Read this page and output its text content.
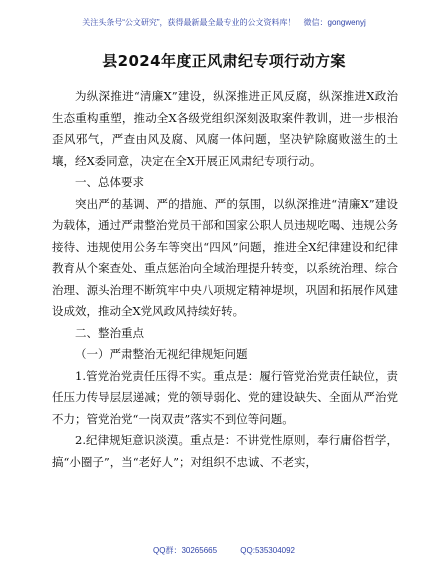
关注头条号“公文研究”，获得最新最全最专业的公文资料库！　微信：gongwenyj
县2024年度正风肃纪专项行动方案

为纵深推进“清廉X”建设，纵深推进正风反腐，纵深推进X政治生态重构重塑，推动全X各级党组织深刻汲取案件教训，进一步根治歪风邪气，严查由风及腐、风腐一体问题，坚决铲除腐败滋生的土壤，经X委同意，决定在全X开展正风肃纪专项行动。

一、总体要求

突出严的基调、严的措施、严的氛围，以纵深推进“清廉X”建设为载体，通过严肃整治党员干部和国家公职人员违规吃喝、违规公务接待、违规使用公务车等突出“四风”问题，推进全X纪律建设和纪律教育从个案查处、重点惩治向全域治理提升转变，以系统治理、综合治理、源头治理不断筑牢中央八项规定精神堤坝，巩固和拓展作风建设成效，推动全X党风政风持续好转。

二、整治重点

（一）严肃整治无视纪律规矩问题

1.管党治党责任压得不实。重点是：履行管党治党责任缺位，责任压力传导层层递减；党的领导弱化、党的建设缺失、全面从严治党不力；管党治党“一岗双责”落实不到位等问题。

2.纪律规矩意识淡漠。重点是：不讲党性原则，奉行庸俗哲学，搞“小圈子”，当“老好人”；对组织不忠诚、不老实，

QQ群：30265665	QQ:535304092
